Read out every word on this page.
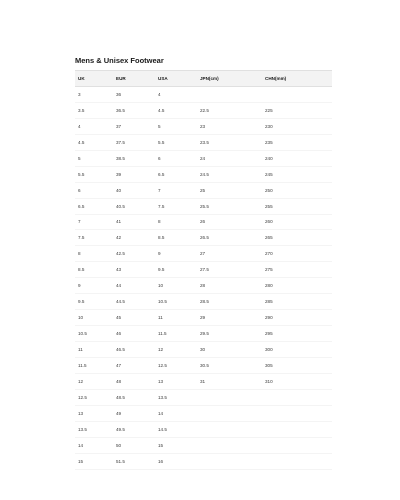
Mens & Unisex Footwear
UK	EUR	USA	JPN(cm)	CHN(mm)
3	36	4		
3.5	36.5	4.5	22.5	225
4	37	5	23	230
4.5	37.5	5.5	23.5	235
5	38.5	6	24	240
5.5	39	6.5	24.5	245
6	40	7	25	250
6.5	40.5	7.5	25.5	255
7	41	8	26	260
7.5	42	8.5	26.5	265
8	42.5	9	27	270
8.5	43	9.5	27.5	275
9	44	10	28	280
9.5	44.5	10.5	28.5	285
10	45	11	29	290
10.5	46	11.5	29.5	295
11	46.5	12	30	300
11.5	47	12.5	30.5	305
12	48	13	31	310
12.5	48.5	13.5		
13	49	14		
13.5	49.5	14.5		
14	50	15		
15	51.5	16		
